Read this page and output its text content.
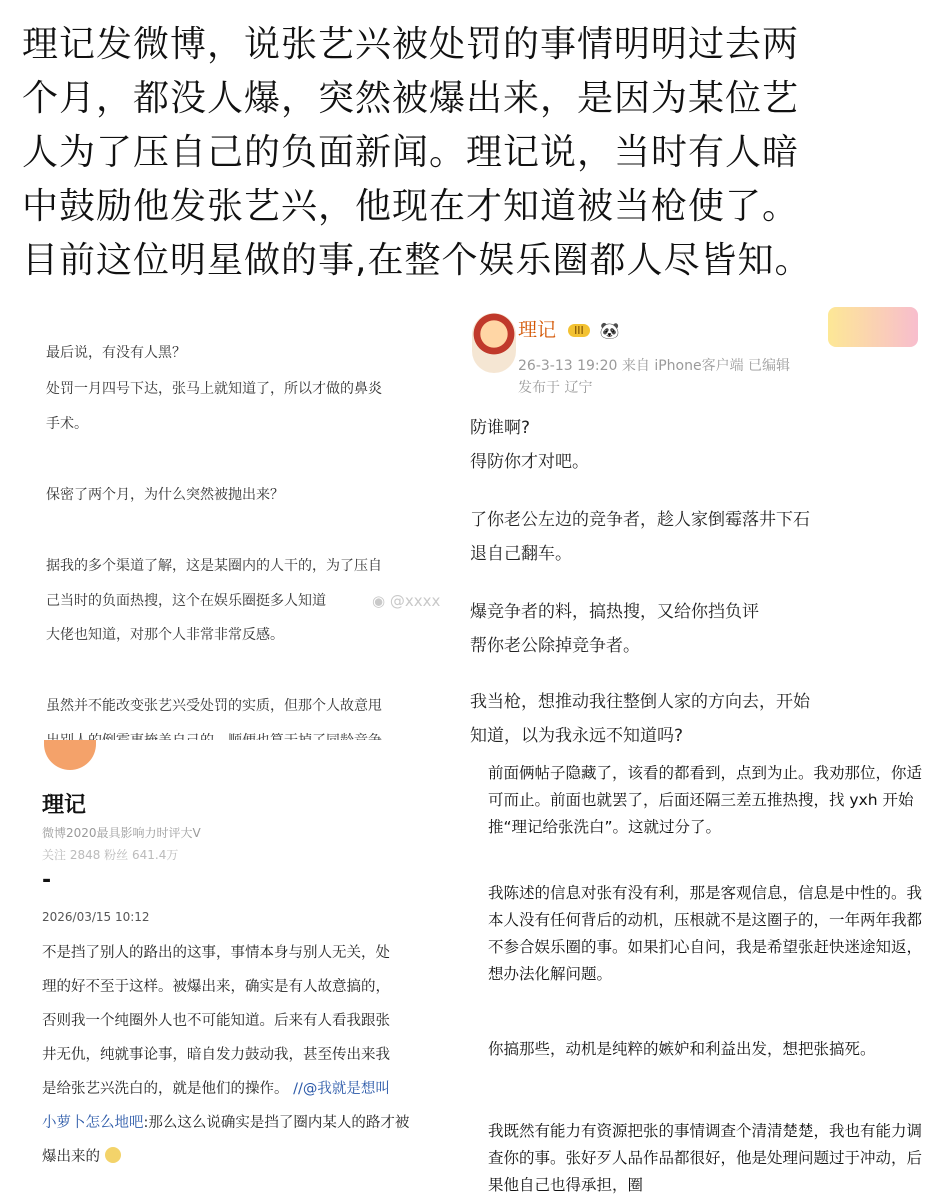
理记发微博，说张艺兴被处罚的事情明明过去两
个月，都没人爆，突然被爆出来，是因为某位艺
人为了压自己的负面新闻。理记说，当时有人暗
中鼓励他发张艺兴，他现在才知道被当枪使了。
目前这位明星做的事,在整个娱乐圈都人尽皆知。

最后说，有没有人黑？

处罚一月四号下达，张马上就知道了，所以才做的鼻炎

手术。

保密了两个月，为什么突然被抛出来？

据我的多个渠道了解，这是某圈内的人干的，为了压自

己当时的负面热搜，这个在娱乐圈挺多人知道

大佬也知道，对那个人非常非常反感。

虽然并不能改变张艺兴受处罚的实质，但那个人故意甩

理记 III 🐼
26-3-13 19:20 来自 iPhone客户端 已编辑
发布于 辽宁

防谁啊?

得防你才对吧。

了你老公左边的竞争者，趁人家倒霉落井下石

退自己翻车。

爆竞争者的料，搞热搜，又给你挡负评

帮你老公除掉竞争者。

我当枪，想推动我往整倒人家的方向去，开始

知道，以为我永远不知道吗?

◉ @xxxx
理记
微博2020最具影响力时评大V
关注 2848 粉丝 641.4万
-
2026/03/15 10:12

不是挡了别人的路出的这事，事情本身与别人无关，处

理的好不至于这样。被爆出来，确实是有人故意搞的，

否则我一个纯圈外人也不可能知道。后来有人看我跟张

井无仇，纯就事论事，暗自发力鼓动我，甚至传出来我

是给张艺兴洗白的，就是他们的操作。 //@我就是想叫

小萝卜怎么地吧:那么这么说确实是挡了圈内某人的路才被

爆出来的

前面俩帖子隐藏了，该看的都看到，点到为止。我劝那位，你适可而止。前面也就罢了，后面还隔三差五推热搜，找 yxh 开始推“理记给张洗白”。这就过分了。

我陈述的信息对张有没有利，那是客观信息，信息是中性的。我本人没有任何背后的动机，压根就不是这圈子的，一年两年我都不参合娱乐圈的事。如果扪心自问，我是希望张赶快迷途知返，想办法化解问题。

你搞那些，动机是纯粹的嫉妒和利益出发，想把张搞死。

我既然有能力有资源把张的事情调查个清清楚楚，我也有能力调查你的事。张好歹人品作品都很好，他是处理问题过于冲动，后果他自己也得承担，圈
